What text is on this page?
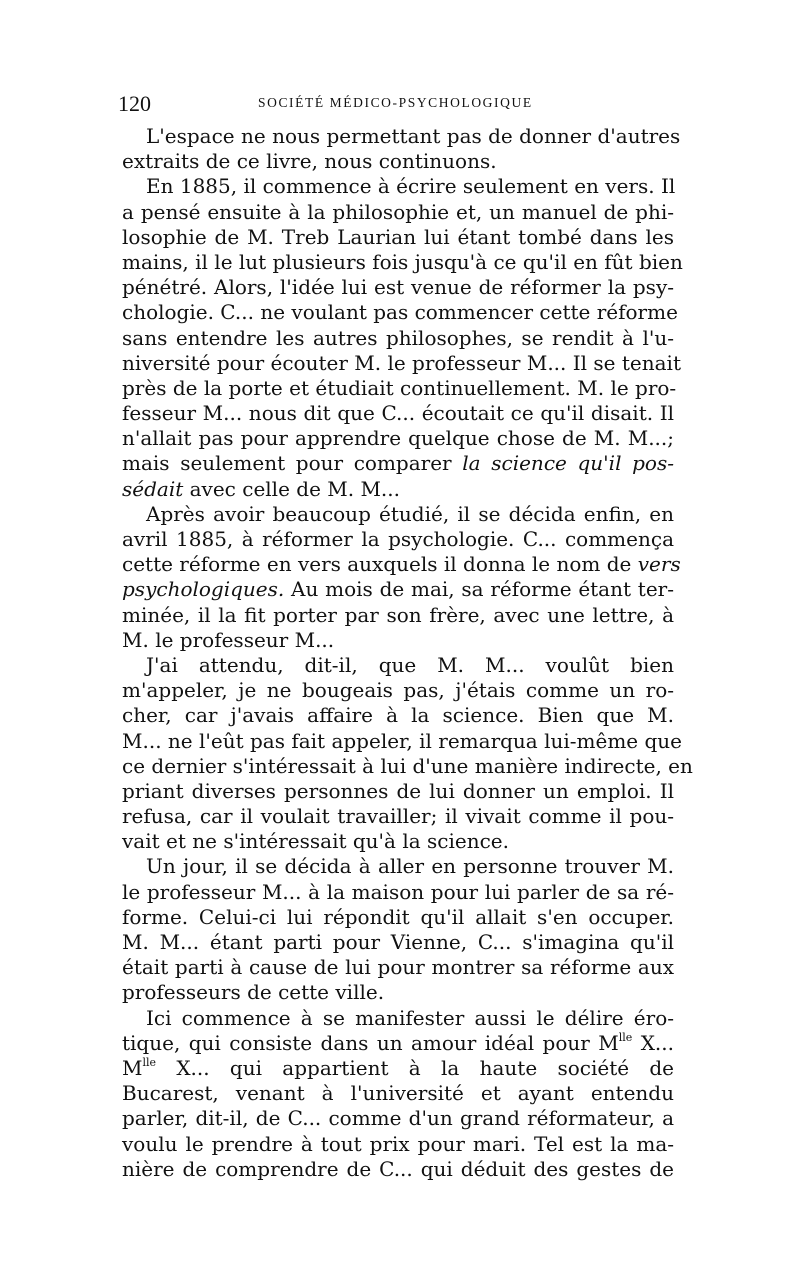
120	SOCIÉTÉ MÉDICO-PSYCHOLOGIQUE
L'espace ne nous permettant pas de donner d'autres
extraits de ce livre, nous continuons.
En 1885, il commence à écrire seulement en vers. Il
a pensé ensuite à la philosophie et, un manuel de phi-
losophie de M. Treb Laurian lui étant tombé dans les
mains, il le lut plusieurs fois jusqu'à ce qu'il en fût bien
pénétré. Alors, l'idée lui est venue de réformer la psy-
chologie. C... ne voulant pas commencer cette réforme
sans entendre les autres philosophes, se rendit à l'u-
niversité pour écouter M. le professeur M... Il se tenait
près de la porte et étudiait continuellement. M. le pro-
fesseur M... nous dit que C... écoutait ce qu'il disait. Il
n'allait pas pour apprendre quelque chose de M. M...;
mais seulement pour comparer la science qu'il pos-
sédait avec celle de M. M...
Après avoir beaucoup étudié, il se décida enfin, en
avril 1885, à réformer la psychologie. C... commença
cette réforme en vers auxquels il donna le nom de vers
psychologiques. Au mois de mai, sa réforme étant ter-
minée, il la fit porter par son frère, avec une lettre, à
M. le professeur M...
J'ai attendu, dit-il, que M. M... voulût bien
m'appeler, je ne bougeais pas, j'étais comme un ro-
cher, car j'avais affaire à la science. Bien que M.
M... ne l'eût pas fait appeler, il remarqua lui-même que
ce dernier s'intéressait à lui d'une manière indirecte, en
priant diverses personnes de lui donner un emploi. Il
refusa, car il voulait travailler; il vivait comme il pou-
vait et ne s'intéressait qu'à la science.
Un jour, il se décida à aller en personne trouver M.
le professeur M... à la maison pour lui parler de sa ré-
forme. Celui-ci lui répondit qu'il allait s'en occuper.
M. M... étant parti pour Vienne, C... s'imagina qu'il
était parti à cause de lui pour montrer sa réforme aux
professeurs de cette ville.
Ici commence à se manifester aussi le délire éro-
tique, qui consiste dans un amour idéal pour $M^{lle}$ X...
$M^{lle}$ X... qui appartient à la haute société de
Bucarest, venant à l'université et ayant entendu
parler, dit-il, de C... comme d'un grand réformateur, a
voulu le prendre à tout prix pour mari. Tel est la ma-
nière de comprendre de C... qui déduit des gestes de
